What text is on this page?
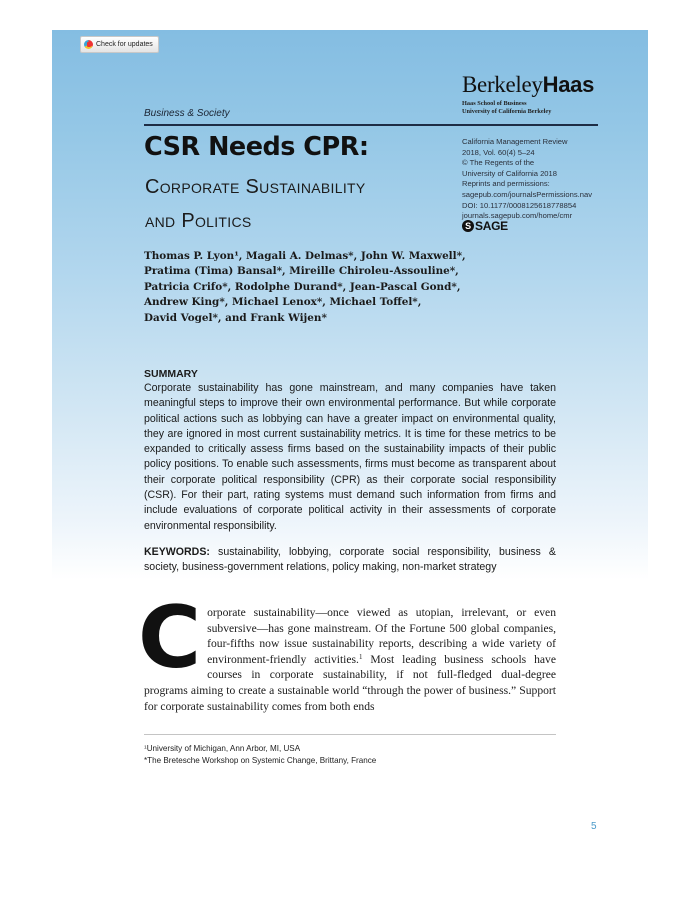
Check for updates
Business & Society
BerkeleyHaas
Haas School of Business
University of California Berkeley
CSR Needs CPR:
Corporate Sustainability
and Politics
California Management Review
2018, Vol. 60(4) 5–24
© The Regents of the
University of California 2018
Reprints and permissions:
sagepub.com/journalsPermissions.nav
DOI: 10.1177/0008125618778854
journals.sagepub.com/home/cmr
S SAGE
Thomas P. Lyon¹, Magali A. Delmas*, John W. Maxwell*,
Pratima (Tima) Bansal*, Mireille Chiroleu-Assouline*,
Patricia Crifo*, Rodolphe Durand*, Jean-Pascal Gond*,
Andrew King*, Michael Lenox*, Michael Toffel*,
David Vogel*, and Frank Wijen*
SUMMARY
Corporate sustainability has gone mainstream, and many companies have taken meaningful steps to improve their own environmental performance. But while corporate political actions such as lobbying can have a greater impact on environmental quality, they are ignored in most current sustainability metrics. It is time for these metrics to be expanded to critically assess firms based on the sustainability impacts of their public policy positions. To enable such assessments, firms must become as transparent about their corporate political responsibility (CPR) as their corporate social responsibility (CSR). For their part, rating systems must demand such information from firms and include evaluations of corporate political activity in their assessments of corporate environmental responsibility.
KEYWORDS: sustainability, lobbying, corporate social responsibility, business & society, business-government relations, policy making, non-market strategy
Corporate sustainability—once viewed as utopian, irrelevant, or even subversive—has gone mainstream. Of the Fortune 500 global companies, four-fifths now issue sustainability reports, describing a wide variety of environment-friendly activities.$^1$ Most leading business schools have courses in corporate sustainability, if not full-fledged dual-degree programs aiming to create a sustainable world “through the power of business.” Support for corporate sustainability comes from both ends
$^1$University of Michigan, Ann Arbor, MI, USA
*The Bretesche Workshop on Systemic Change, Brittany, France
5
